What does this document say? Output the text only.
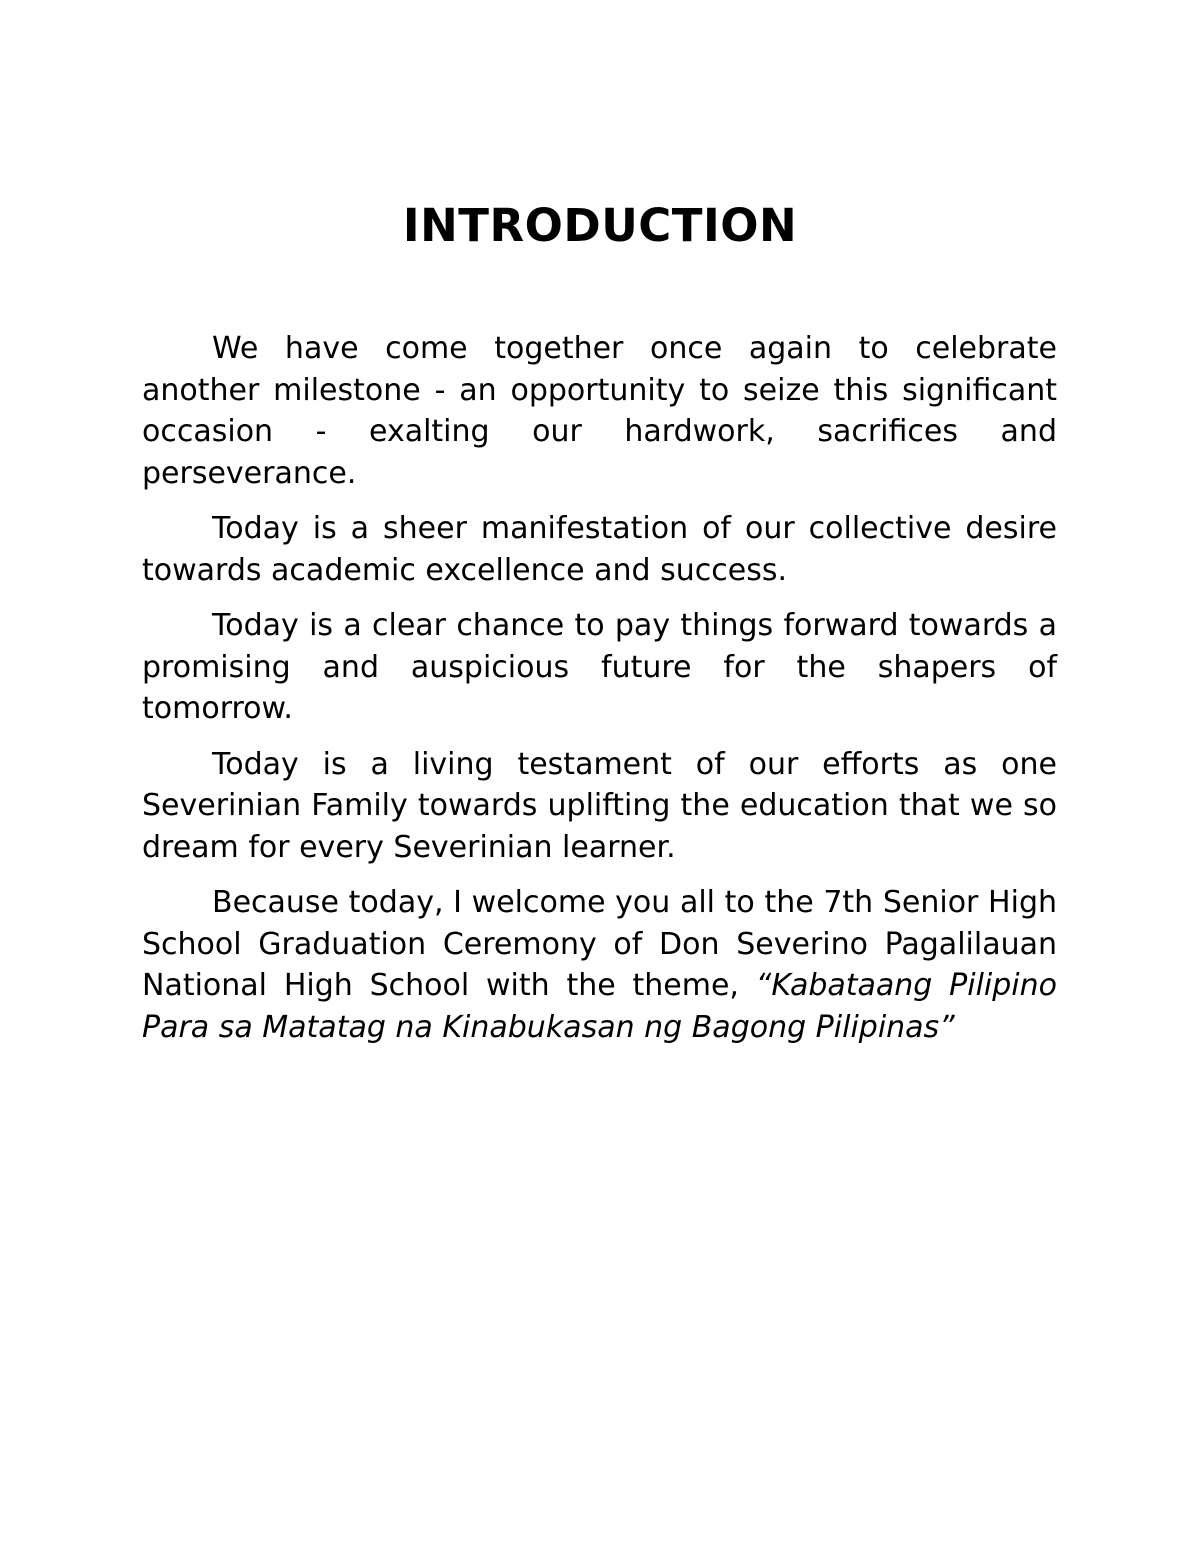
INTRODUCTION

We have come together once again to celebrate another milestone - an opportunity to seize this significant occasion - exalting our hardwork, sacrifices and perseverance.

Today is a sheer manifestation of our collective desire towards academic excellence and success.

Today is a clear chance to pay things forward towards a promising and auspicious future for the shapers of tomorrow.

Today is a living testament of our efforts as one Severinian Family towards uplifting the education that we so dream for every Severinian learner.

Because today, I welcome you all to the 7th Senior High School Graduation Ceremony of Don Severino Pagalilauan National High School with the theme, “Kabataang Pilipino Para sa Matatag na Kinabukasan ng Bagong Pilipinas”
